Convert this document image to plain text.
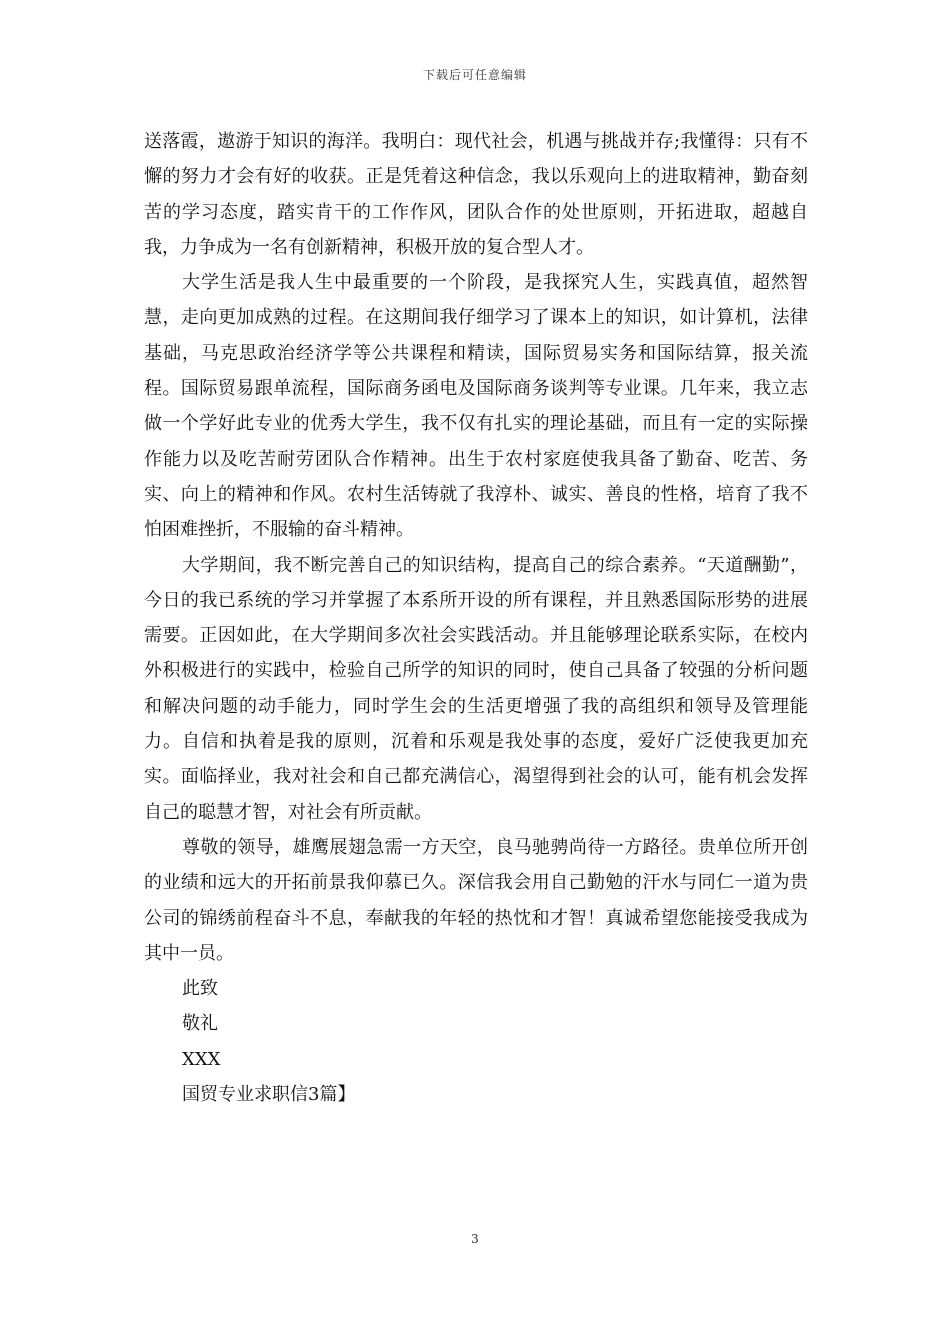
下载后可任意编辑

送落霞，遨游于知识的海洋。我明白：现代社会，机遇与挑战并存;我懂得：只有不懈的努力才会有好的收获。正是凭着这种信念，我以乐观向上的进取精神，勤奋刻苦的学习态度，踏实肯干的工作作风，团队合作的处世原则，开拓进取，超越自我，力争成为一名有创新精神，积极开放的复合型人才。

大学生活是我人生中最重要的一个阶段，是我探究人生，实践真值，超然智慧，走向更加成熟的过程。在这期间我仔细学习了课本上的知识，如计算机，法律基础，马克思政治经济学等公共课程和精读，国际贸易实务和国际结算，报关流程。国际贸易跟单流程，国际商务函电及国际商务谈判等专业课。几年来，我立志做一个学好此专业的优秀大学生，我不仅有扎实的理论基础，而且有一定的实际操作能力以及吃苦耐劳团队合作精神。出生于农村家庭使我具备了勤奋、吃苦、务实、向上的精神和作风。农村生活铸就了我淳朴、诚实、善良的性格，培育了我不怕困难挫折，不服输的奋斗精神。

大学期间，我不断完善自己的知识结构，提高自己的综合素养。“天道酬勤”，今日的我已系统的学习并掌握了本系所开设的所有课程，并且熟悉国际形势的进展需要。正因如此，在大学期间多次社会实践活动。并且能够理论联系实际，在校内外积极进行的实践中，检验自己所学的知识的同时，使自己具备了较强的分析问题和解决问题的动手能力，同时学生会的生活更增强了我的高组织和领导及管理能力。自信和执着是我的原则，沉着和乐观是我处事的态度，爱好广泛使我更加充实。面临择业，我对社会和自己都充满信心，渴望得到社会的认可，能有机会发挥自己的聪慧才智，对社会有所贡献。

尊敬的领导，雄鹰展翅急需一方天空，良马驰骋尚待一方路径。贵单位所开创的业绩和远大的开拓前景我仰慕已久。深信我会用自己勤勉的汗水与同仁一道为贵公司的锦绣前程奋斗不息，奉献我的年轻的热忱和才智！真诚希望您能接受我成为其中一员。

此致

敬礼

XXX

国贸专业求职信3篇】

3
